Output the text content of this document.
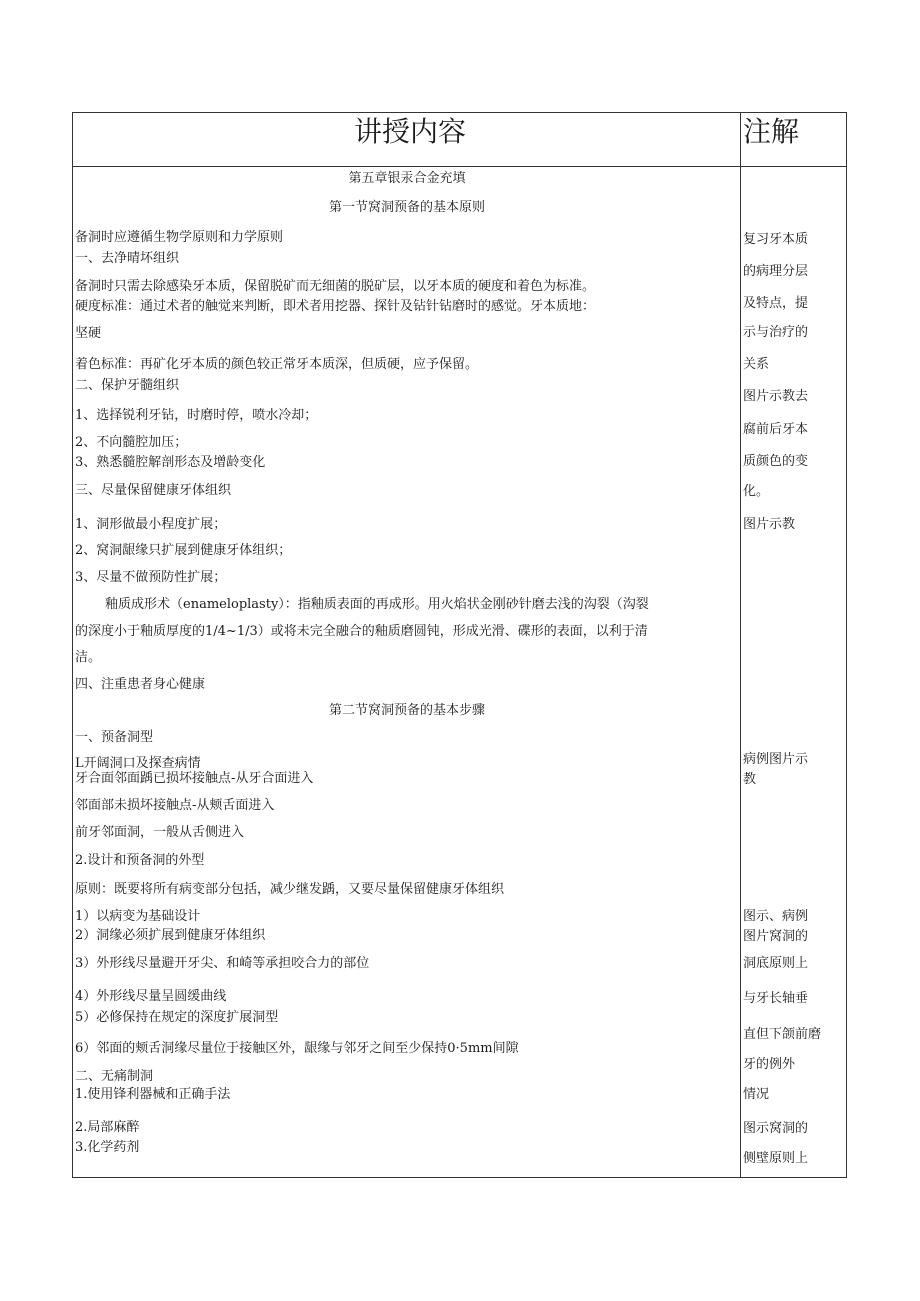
讲授内容	注解
第五章银汞合金充填
第一节窝洞预备的基本原则
备洞时应遵循生物学原则和力学原则
一、去净晴坏组织
备洞时只需去除感染牙本质，保留脱矿而无细菌的脱矿层，以牙本质的硬度和着色为标准。
硬度标准：通过术者的触觉来判断，即术者用挖器、探针及钻针钻磨时的感觉。牙本质地：
坚硬
着色标准：再矿化牙本质的颜色较正常牙本质深，但质硬，应予保留。
二、保护牙髓组织
1、选择锐利牙钻，时磨时停，喷水冷却；
2、不向髓腔加压；
3、熟悉髓腔解剖形态及增龄变化
三、尽量保留健康牙体组织
1、洞形做最小程度扩展；
2、窝洞龈缘只扩展到健康牙体组织；
3、尽量不做预防性扩展；
釉质成形术（enameloplasty）：指釉质表面的再成形。用火焰状金刚砂针磨去浅的沟裂（沟裂
的深度小于釉质厚度的1/4~1/3）或将未完全融合的釉质磨圆钝，形成光滑、碟形的表面，以利于清
洁。
四、注重患者身心健康
第二节窝洞预备的基本步骤
一、预备洞型
L开阔洞口及探查病情
牙合面邻面踽已损坏接触点-从牙合面进入
邻面部未损坏接触点-从颊舌面进入
前牙邻面洞，一般从舌侧进入
2.设计和预备洞的外型
原则：既要将所有病变部分包括，减少继发踽，又要尽量保留健康牙体组织
1）以病变为基础设计
2）洞缘必须扩展到健康牙体组织
3）外形线尽量避开牙尖、和崎等承担咬合力的部位
4）外形线尽量呈圆缓曲线
5）必修保持在规定的深度扩展洞型
6）邻面的颊舌洞缘尽量位于接触区外，龈缘与邻牙之间至少保持0·5mm间隙
二、无痛制洞
1.使用锋利器械和正确手法
2.局部麻醉
3.化学药剂
复习牙本质
的病理分层
及特点，提
示与治疗的
关系
图片示教去
腐前后牙本
质颜色的变
化。
图片示教
病例图片示
教
图示、病例
图片窝洞的
洞底原则上
与牙长轴垂
直但下颌前磨
牙的例外
情况
图示窝洞的
侧壁原则上
